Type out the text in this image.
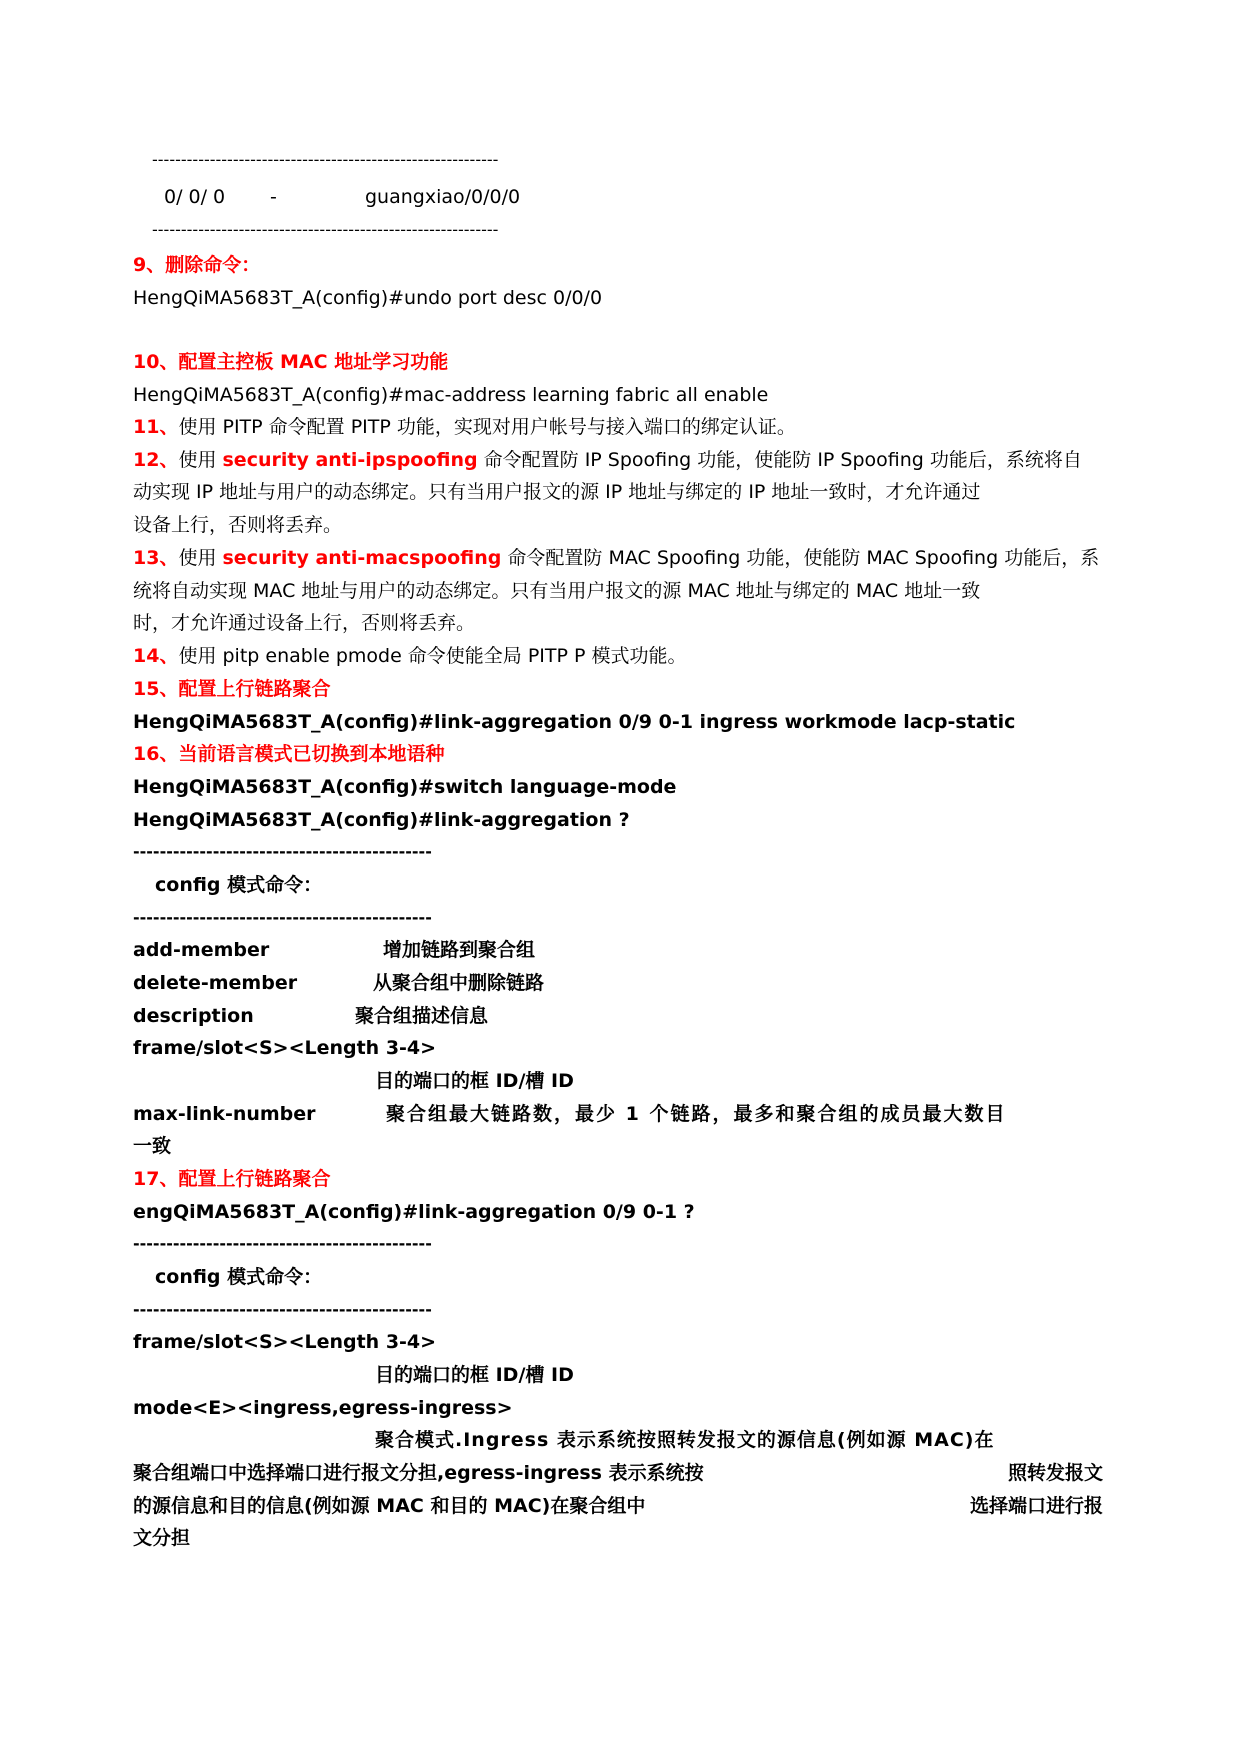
------------------------------------------------------------
0/ 0/ 0 -	guangxiao/0/0/0
------------------------------------------------------------
9、删除命令：
HengQiMA5683T_A(config)#undo port desc 0/0/0
10、配置主控板 MAC 地址学习功能
HengQiMA5683T_A(config)#mac-address learning fabric all enable
11、使用 PITP 命令配置 PITP 功能，实现对用户帐号与接入端口的绑定认证。
12、使用 security anti-ipspoofing 命令配置防 IP Spoofing 功能，使能防 IP Spoofing 功能后，系统将自
动实现 IP 地址与用户的动态绑定。只有当用户报文的源 IP 地址与绑定的 IP 地址一致时，才允许通过
设备上行，否则将丢弃。
13、使用 security anti-macspoofing 命令配置防 MAC Spoofing 功能，使能防 MAC Spoofing 功能后，系
统将自动实现 MAC 地址与用户的动态绑定。只有当用户报文的源 MAC 地址与绑定的 MAC 地址一致
时，才允许通过设备上行，否则将丢弃。
14、使用 pitp enable pmode 命令使能全局 PITP P 模式功能。
15、配置上行链路聚合
HengQiMA5683T_A(config)#link-aggregation 0/9 0-1 ingress workmode lacp-static
16、当前语言模式已切换到本地语种
HengQiMA5683T_A(config)#switch language-mode
HengQiMA5683T_A(config)#link-aggregation ?
---------------------------------------------
config 模式命令：
---------------------------------------------
add-member	增加链路到聚合组
delete-member	从聚合组中删除链路
description	聚合组描述信息
frame/slot<S><Length 3-4>
目的端口的框 ID/槽 ID
max-link-number	聚合组最大链路数，最少 1 个链路，最多和聚合组的成员最大数目
一致
17、配置上行链路聚合
engQiMA5683T_A(config)#link-aggregation 0/9 0-1 ?
---------------------------------------------
config 模式命令：
---------------------------------------------
frame/slot<S><Length 3-4>
目的端口的框 ID/槽 ID
mode<E><ingress,egress-ingress>
聚合模式.Ingress 表示系统按照转发报文的源信息(例如源 MAC)在
聚合组端口中选择端口进行报文分担,egress-ingress 表示系统按	照转发报文
的源信息和目的信息(例如源 MAC 和目的 MAC)在聚合组中	选择端口进行报
文分担
